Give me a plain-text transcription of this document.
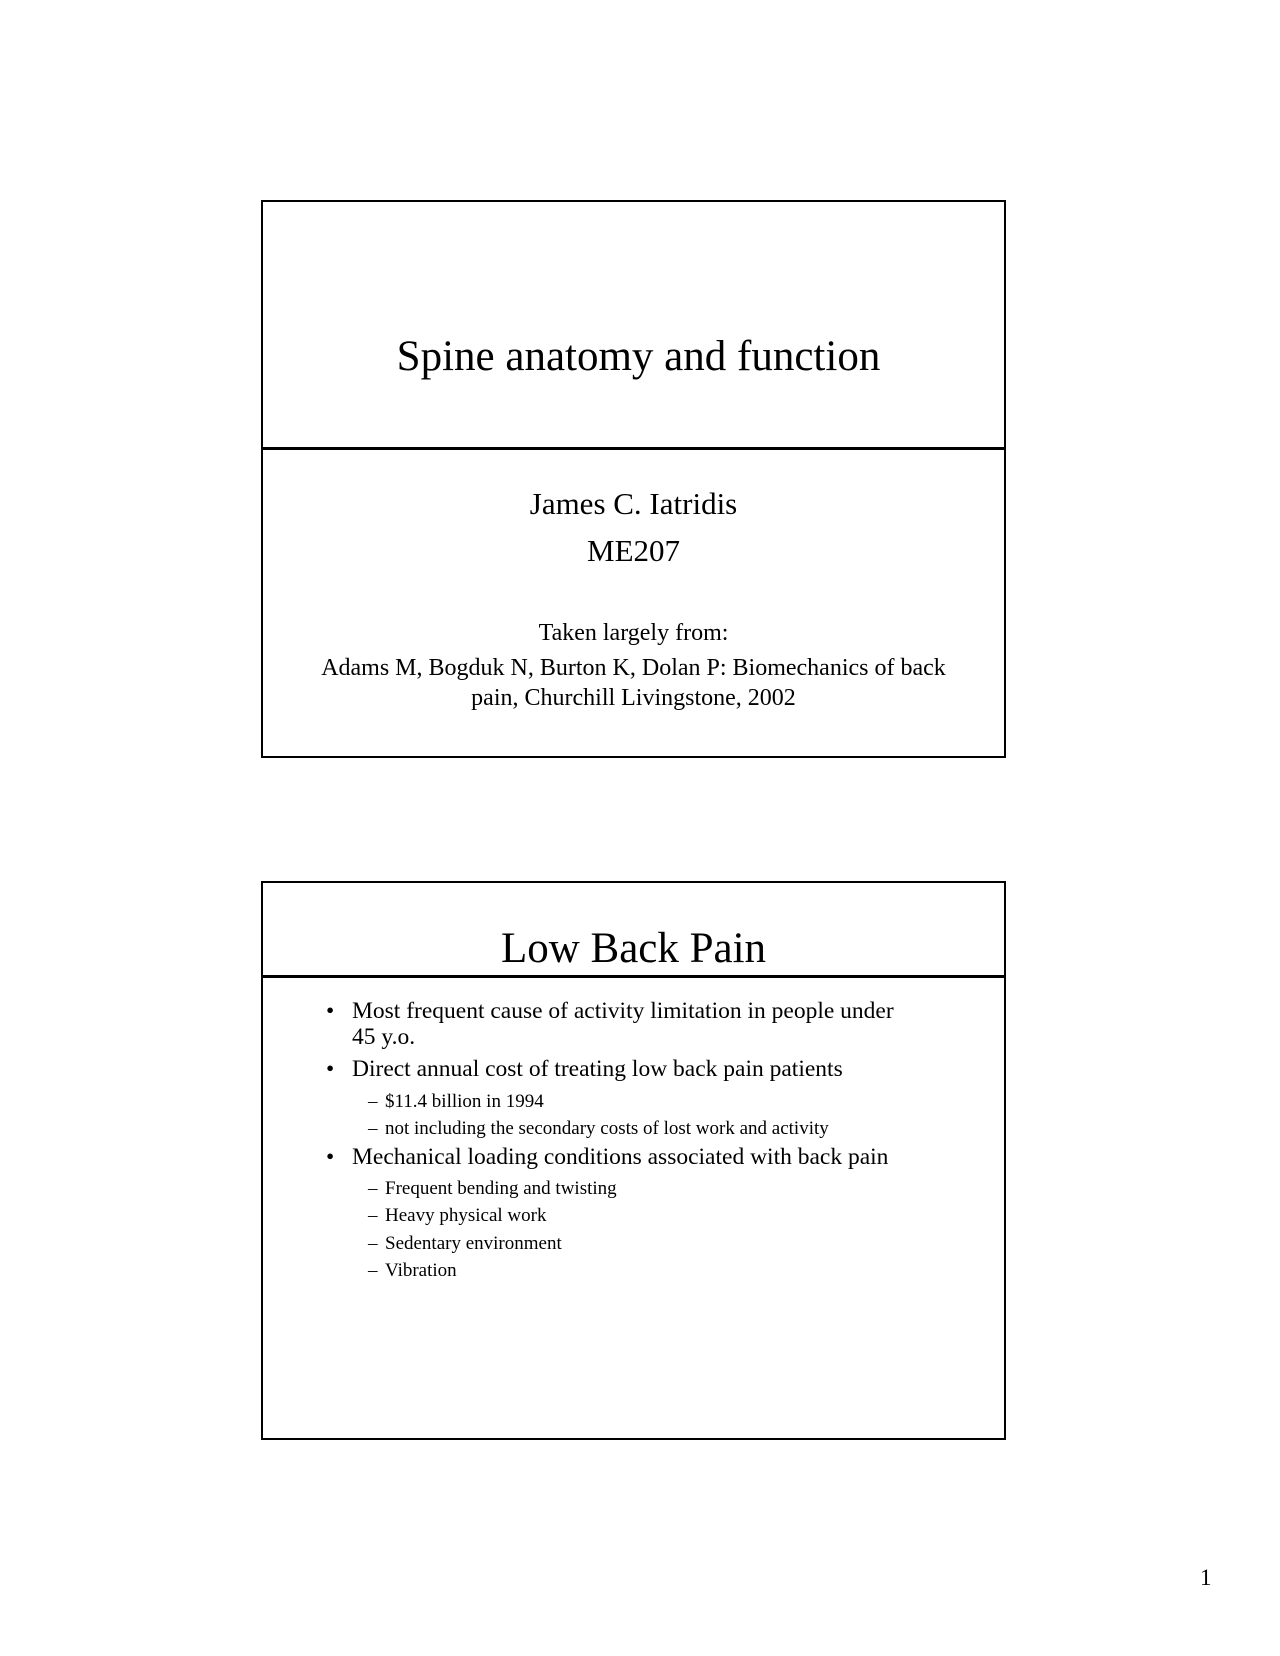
Spine anatomy and function
James C. Iatridis
ME207
Taken largely from:
Adams M, Bogduk N, Burton K, Dolan P: Biomechanics of back
pain, Churchill Livingstone, 2002
Low Back Pain
• Most frequent cause of activity limitation in people under
45 y.o.
• Direct annual cost of treating low back pain patients
– $11.4 billion in 1994
– not including the secondary costs of lost work and activity
• Mechanical loading conditions associated with back pain
– Frequent bending and twisting
– Heavy physical work
– Sedentary environment
– Vibration
1
